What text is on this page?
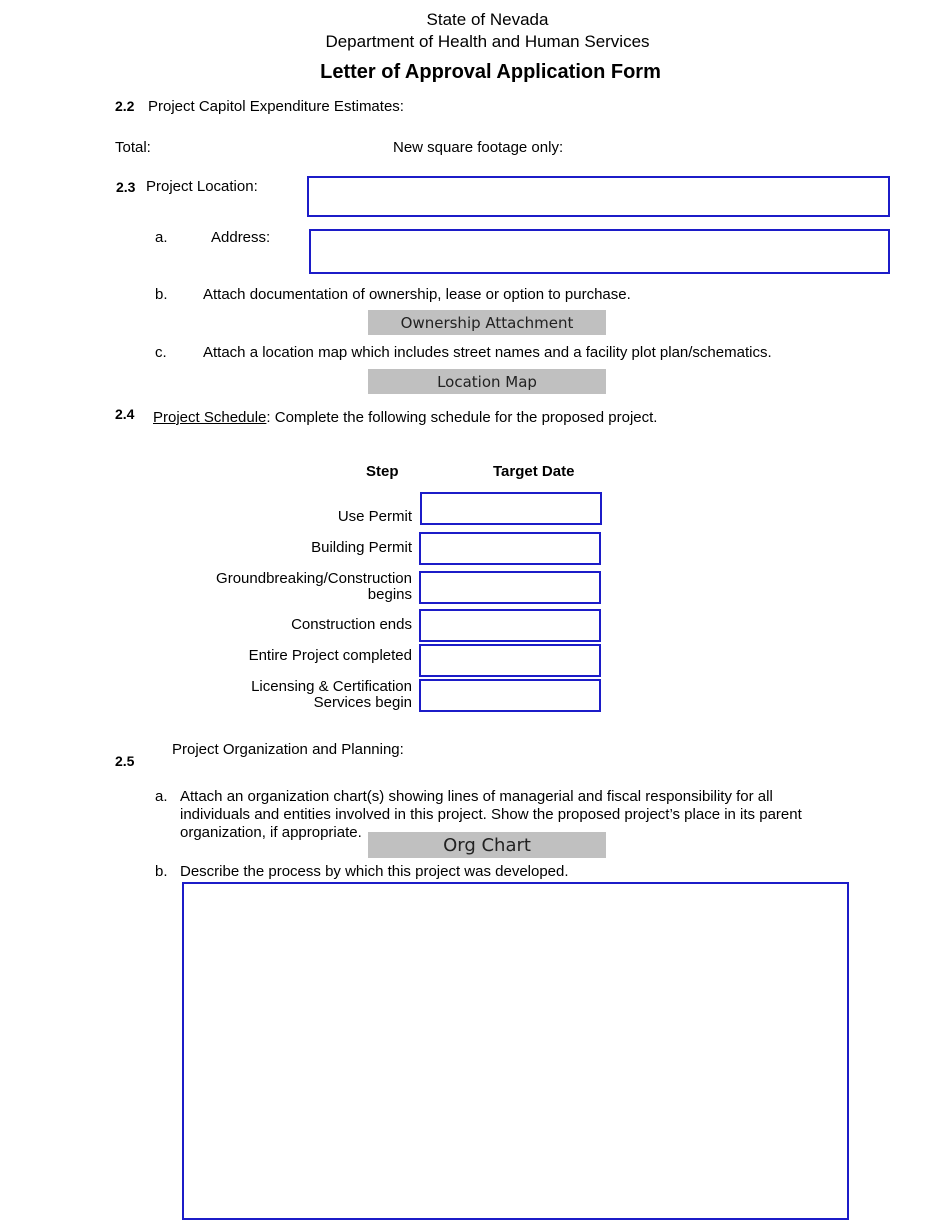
State of Nevada
Department of Health and Human Services
Letter of Approval Application Form
2.2 Project Capitol Expenditure Estimates:
Total:	New square footage only:
2.3 Project Location:
a.	Address:
b. Attach documentation of ownership, lease or option to purchase.
Ownership Attachment
c. Attach a location map which includes street names and a facility plot plan/schematics.
Location Map
2.4 Project Schedule: Complete the following schedule for the proposed project.
Step	Target Date
Use Permit
Building Permit
Groundbreaking/Construction
begins
Construction ends
Entire Project completed
Licensing & Certification
Services begin
Project Organization and Planning:
2.5
a. Attach an organization chart(s) showing lines of managerial and fiscal responsibility for all
individuals and entities involved in this project. Show the proposed project’s place in its parent
organization, if appropriate.
Org Chart
b. Describe the process by which this project was developed.
